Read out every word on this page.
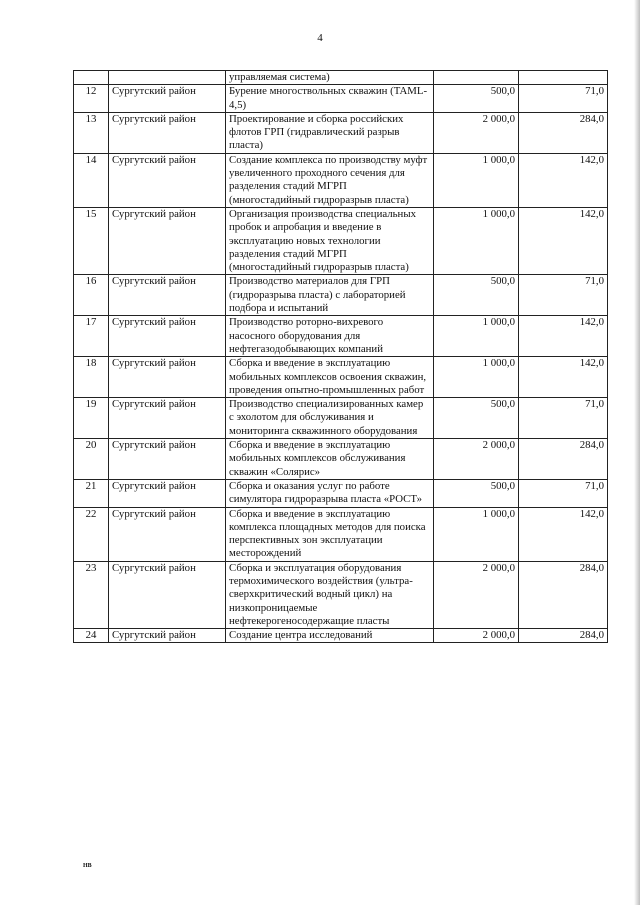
4
		управляемая система)		
12	Сургутский район	Бурение многоствольных скважин (TAML-4,5)	500,0	71,0
13	Сургутский район	Проектирование и сборка российских флотов ГРП (гидравлический разрыв пласта)	2 000,0	284,0
14	Сургутский район	Создание комплекса по производству муфт увеличенного проходного сечения для разделения стадий МГРП (многостадийный гидроразрыв пласта)	1 000,0	142,0
15	Сургутский район	Организация производства специальных пробок и апробация и введение в эксплуатацию новых технологии разделения стадий МГРП (многостадийный гидроразрыв пласта)	1 000,0	142,0
16	Сургутский район	Производство материалов для ГРП (гидроразрыва пласта) с лабораторией подбора и испытаний	500,0	71,0
17	Сургутский район	Производство роторно-вихревого насосного оборудования для нефтегазодобывающих компаний	1 000,0	142,0
18	Сургутский район	Сборка и введение в эксплуатацию мобильных комплексов освоения скважин, проведения опытно-промышленных работ	1 000,0	142,0
19	Сургутский район	Производство специализированных камер с эхолотом для обслуживания и мониторинга скважинного оборудования	500,0	71,0
20	Сургутский район	Сборка и введение в эксплуатацию мобильных комплексов обслуживания скважин «Солярис»	2 000,0	284,0
21	Сургутский район	Сборка и оказания услуг по работе симулятора гидроразрыва пласта «РОСТ»	500,0	71,0
22	Сургутский район	Сборка и введение в эксплуатацию комплекса площадных методов для поиска перспективных зон эксплуатации месторождений	1 000,0	142,0
23	Сургутский район	Сборка и эксплуатация оборудования термохимического воздействия (ультра-сверхкритический водный цикл) на низкопроницаемые нефтекерогеносодержащие пласты	2 000,0	284,0
24	Сургутский район	Создание центра исследований	2 000,0	284,0
НВ
